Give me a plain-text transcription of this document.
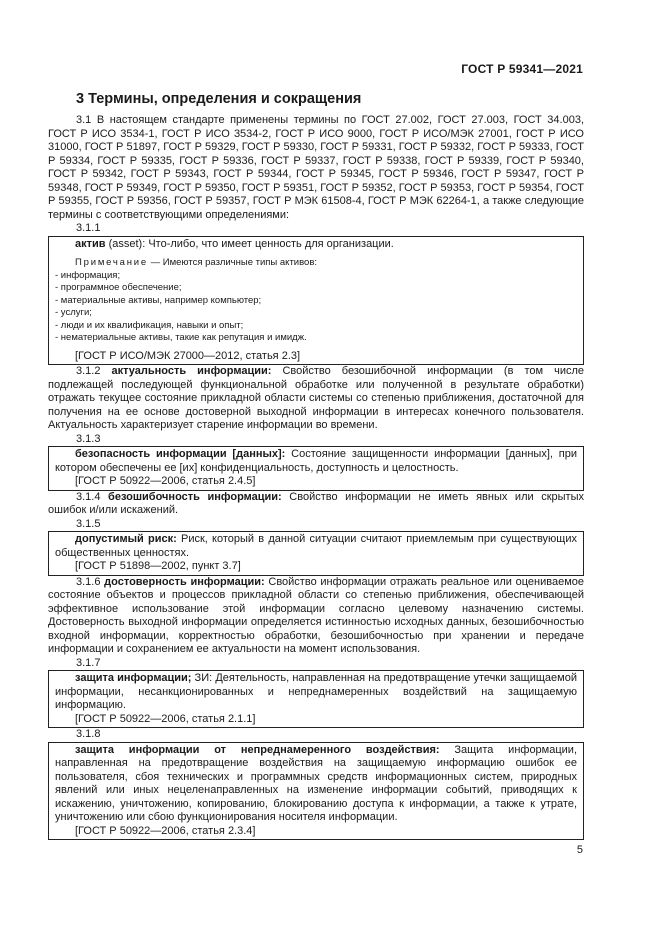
ГОСТ Р 59341—2021
3 Термины, определения и сокращения

3.1 В настоящем стандарте применены термины по ГОСТ 27.002, ГОСТ 27.003, ГОСТ 34.003, ГОСТ Р ИСО 3534-1, ГОСТ Р ИСО 3534-2, ГОСТ Р ИСО 9000, ГОСТ Р ИСО/МЭК 27001, ГОСТ Р ИСО 31000, ГОСТ Р 51897, ГОСТ Р 59329, ГОСТ Р 59330, ГОСТ Р 59331, ГОСТ Р 59332, ГОСТ Р 59333, ГОСТ Р 59334, ГОСТ Р 59335, ГОСТ Р 59336, ГОСТ Р 59337, ГОСТ Р 59338, ГОСТ Р 59339, ГОСТ Р 59340, ГОСТ Р 59342, ГОСТ Р 59343, ГОСТ Р 59344, ГОСТ Р 59345, ГОСТ Р 59346, ГОСТ Р 59347, ГОСТ Р 59348, ГОСТ Р 59349, ГОСТ Р 59350, ГОСТ Р 59351, ГОСТ Р 59352, ГОСТ Р 59353, ГОСТ Р 59354, ГОСТ Р 59355, ГОСТ Р 59356, ГОСТ Р 59357, ГОСТ Р МЭК 61508-4, ГОСТ Р МЭК 62264-1, а также следующие термины с соответствующими определениями:

3.1.1

актив (asset): Что-либо, что имеет ценность для организации.

Примечание — Имеются различные типы активов:
- информация;
- программное обеспечение;
- материальные активы, например компьютер;
- услуги;
- люди и их квалификация, навыки и опыт;
- нематериальные активы, такие как репутация и имидж.
[ГОСТ Р ИСО/МЭК 27000—2012, статья 2.3]

3.1.2 актуальность информации: Свойство безошибочной информации (в том числе подлежащей последующей функциональной обработке или полученной в результате обработки) отражать текущее состояние прикладной области системы со степенью приближения, достаточной для получения на ее основе достоверной выходной информации в интересах конечного пользователя. Актуальность характеризует старение информации во времени.

3.1.3

безопасность информации [данных]: Состояние защищенности информации [данных], при котором обеспечены ее [их] конфиденциальность, доступность и целостность.

[ГОСТ Р 50922—2006, статья 2.4.5]

3.1.4 безошибочность информации: Свойство информации не иметь явных или скрытых ошибок и/или искажений.

3.1.5

допустимый риск: Риск, который в данной ситуации считают приемлемым при существующих общественных ценностях.

[ГОСТ Р 51898—2002, пункт 3.7]

3.1.6 достоверность информации: Свойство информации отражать реальное или оцениваемое состояние объектов и процессов прикладной области со степенью приближения, обеспечивающей эффективное использование этой информации согласно целевому назначению системы. Достоверность выходной информации определяется истинностью исходных данных, безошибочностью входной информации, корректностью обработки, безошибочностью при хранении и передаче информации и сохранением ее актуальности на момент использования.

3.1.7

защита информации; ЗИ: Деятельность, направленная на предотвращение утечки защищаемой информации, несанкционированных и непреднамеренных воздействий на защищаемую информацию.

[ГОСТ Р 50922—2006, статья 2.1.1]

3.1.8

защита информации от непреднамеренного воздействия: Защита информации, направленная на предотвращение воздействия на защищаемую информацию ошибок ее пользователя, сбоя технических и программных средств информационных систем, природных явлений или иных нецеленаправленных на изменение информации событий, приводящих к искажению, уничтожению, копированию, блокированию доступа к информации, а также к утрате, уничтожению или сбою функционирования носителя информации.

[ГОСТ Р 50922—2006, статья 2.3.4]
5
